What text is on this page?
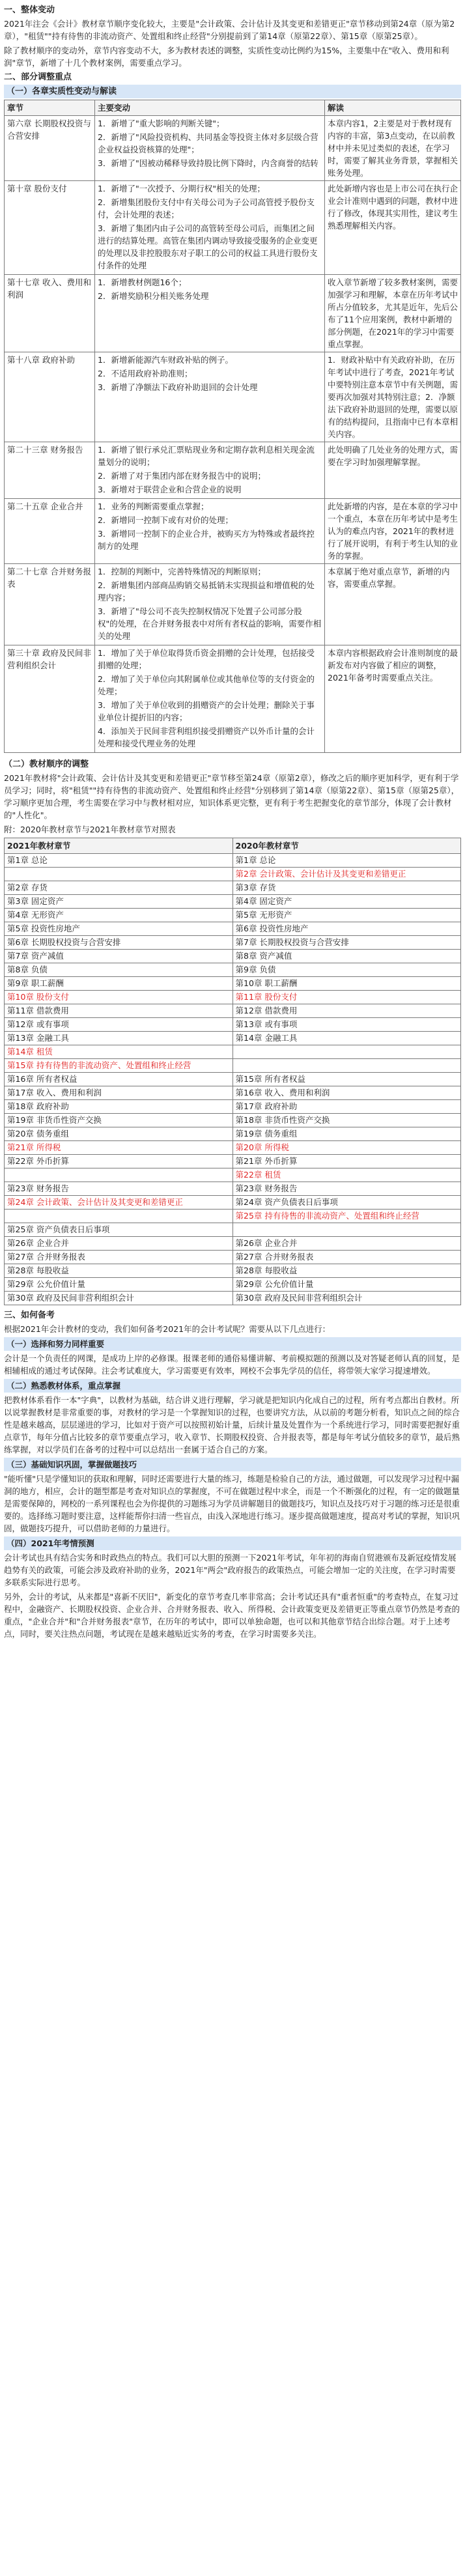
一、整体变动

2021年注会《会计》教材章节顺序变化较大，主要是"会计政策、会计估计及其变更和差错更正"章节移动到第24章（原为第2章），"租赁""持有待售的非流动资产、处置组和终止经营"分别提前到了第14章（原第22章）、第15章（原第25章）。

除了教材顺序的变动外，章节内容变动不大，多为教材表述的调整，实质性变动比例约为15%，主要集中在"收入、费用和利润"章节，新增了十几个教材案例，需要重点学习。

二、部分调整重点
（一）各章实质性变动与解读
章节	主要变动	解读
第六章 长期股权投资与合营安排	1．新增了"重大影响的判断关键"；
2．新增了"风险投资机构、共同基金等投资主体对多层级合营企业权益投资核算的处理"；
3．新增了"因被动稀释导致持股比例下降时，内含商誉的结转	本章内容1，2主要是对于教材现有内容的丰富，第3点变动，在以前教材中并未见过类似的表述，在学习时，需要了解其业务背景，掌握相关账务处理。
第十章 股份支付	1．新增了"一次授予、分期行权"相关的处理；
2．新增集团股份支付中有关母公司为子公司高管授予股份支付，会计处理的表述；
3．新增了集团内由子公司的高管转至母公司后，而集团之间进行的结算处理。高管在集团内调动导致接受服务的企业变更的处理以及非控股股东对子职工的公司的权益工具进行股份支付条件的处理	此处新增内容也是上市公司在执行企业会计准则中遇到的问题，教材中进行了修改，体现其实用性，建议考生熟悉理解相关内容。
第十七章 收入、费用和利润	1．新增教材例题16个；
2．新增奖励积分相关账务处理	收入章节新增了较多教材案例，需要加强学习和理解，本章在历年考试中所占分值较多，尤其是近年，先后公布了11个应用案例，教材中新增的部分例题，在2021年的学习中需要重点掌握。
第十八章 政府补助	1．新增新能源汽车财政补贴的例子。
2．不适用政府补助准则；
3．新增了净额法下政府补助退回的会计处理	1．财政补贴中有关政府补助，在历年考试中进行了考查，2021年考试中要特别注意本章节中有关例题，需要再次加强对其特别注意；2．净额法下政府补助退回的处理，需要以原有的结构提问，且指南中已有本章相关内容。
第二十三章 财务报告	1．新增了银行承兑汇票贴现业务和定期存款利息相关现金流量划分的说明；
2．新增了对于集团内部在财务报告中的说明；
3．新增对于联营企业和合营企业的说明	此处明确了几处业务的处理方式，需要在学习时加强理解掌握。
第二十五章 企业合并	1．业务的判断需要重点掌握；
2．新增同一控制下或有对价的处理；
3．新增同一控制下的企业合并，被购买方为特殊或者最终控制方的处理	此处新增的内容，是在本章的学习中一个重点，本章在历年考试中是考生认为的难点内容，2021年的教材进行了展开说明，有利于考生认知的业务的掌握。
第二十七章 合并财务报表	1．控制的判断中，完善特殊情况的判断原则；
2．新增集团内部商品购销交易抵销未实现损益和增值税的处理内容；
3．新增了"母公司不丧失控制权情况下处置子公司部分股权"的处理，在合并财务报表中对所有者权益的影响，需要作相关的处理	本章属于绝对重点章节，新增的内容，需要重点掌握。
第三十章 政府及民间非营利组织会计	1．增加了关于单位取得货币资金捐赠的会计处理，包括接受捐赠的处理；
2．增加了关于单位向其附属单位或其他单位等的支付资金的处理；
3．增加了关于单位收到的捐赠资产的会计处理；删除关于事业单位计提折旧的内容；
4．添加关于民间非营利组织接受捐赠资产以外币计量的会计处理和接受代理业务的处理	本章内容根据政府会计准则制度的最新发布对内容做了相应的调整，2021年备考时需要重点关注。
（二）教材顺序的调整

2021年教材将"会计政策、会计估计及其变更和差错更正"章节移至第24章（原第2章），修改之后的顺序更加科学，更有利于学员学习；同时，将"租赁""持有待售的非流动资产、处置组和终止经营"分别移到了第14章（原第22章）、第15章（原第25章），学习顺序更加合理，考生需要在学习中与教材相对应，知识体系更完整，更有利于考生把握变化的章节部分，体现了会计教材的"人性化"。

附：2020年教材章节与2021年教材章节对照表

2021年教材章节	2020年教材章节
第1章 总论	第1章 总论
	第2章 会计政策、会计估计及其变更和差错更正
第2章 存货	第3章 存货
第3章 固定资产	第4章 固定资产
第4章 无形资产	第5章 无形资产
第5章 投资性房地产	第6章 投资性房地产
第6章 长期股权投资与合营安排	第7章 长期股权投资与合营安排
第7章 资产减值	第8章 资产减值
第8章 负债	第9章 负债
第9章 职工薪酬	第10章 职工薪酬
第10章 股份支付	第11章 股份支付
第11章 借款费用	第12章 借款费用
第12章 或有事项	第13章 或有事项
第13章 金融工具	第14章 金融工具
第14章 租赁	
第15章 持有待售的非流动资产、处置组和终止经营	
第16章 所有者权益	第15章 所有者权益
第17章 收入、费用和利润	第16章 收入、费用和利润
第18章 政府补助	第17章 政府补助
第19章 非货币性资产交换	第18章 非货币性资产交换
第20章 债务重组	第19章 债务重组
第21章 所得税	第20章 所得税
第22章 外币折算	第21章 外币折算
	第22章 租赁
第23章 财务报告	第23章 财务报告
第24章 会计政策、会计估计及其变更和差错更正	第24章 资产负债表日后事项
	第25章 持有待售的非流动资产、处置组和终止经营
第25章 资产负债表日后事项	
第26章 企业合并	第26章 企业合并
第27章 合并财务报表	第27章 合并财务报表
第28章 每股收益	第28章 每股收益
第29章 公允价值计量	第29章 公允价值计量
第30章 政府及民间非营利组织会计	第30章 政府及民间非营利组织会计
三、如何备考

根据2021年会计教材的变动，我们如何备考2021年的会计考试呢？需要从以下几点进行：

（一）选择和努力同样重要

会计是一个负责任的网课，是成功上岸的必修课。报课老师的通俗易懂讲解、考前模拟题的预测以及对答疑老师认真的回复，是相辅相成的通过考试保障。注会考试难度大，学习需要更有效率，网校不会事先学员的信任，将带领大家学习提速增效。

（二）熟悉教材体系，重点掌握

把教材体系看作一本"字典"，以教材为基础，结合讲义进行理解，学习就是把知识内化成自己的过程，所有考点都出自教材。所以说掌握教材是非常重要的事，对教材的学习是一个掌握知识的过程，也要讲究方法，从以前的考题分析看，知识点之间的综合性是越来越高，层层递进的学习，比如对于资产可以按照初始计量，后续计量及处置作为一个系统进行学习，同时需要把握好重点章节，每年分值占比较多的章节要重点学习，收入章节、长期股权投资、合并报表等，都是每年考试分值较多的章节，最后熟练掌握，对以学员们在备考的过程中可以总结出一套属于适合自己的方案。

（三）基础知识巩固，掌握做题技巧

"能听懂"只是学懂知识的获取和理解，同时还需要进行大量的练习，练题是检验自己的方法，通过做题，可以发现学习过程中漏洞的地方，相应，会计的题型都是考查对知识点的掌握度，不可在做题过程中求全，而是一个不断强化的过程，有一定的做题量是需要保障的，网校的一系列课程也会为你提供的习题练习为学员讲解题目的做题技巧，知识点及技巧对于习题的练习还是很重要的。选择练习题时要注意，这样能帮你扫清一些盲点，由浅入深地进行练习。逐步提高做题速度，提高对考试的掌握，知识巩固，做题技巧提升，可以借助老师的力量进行。

（四）2021年考情预测

会计考试也具有结合实务和时政热点的特点。我们可以大胆的预测一下2021年考试，年年初的海南自贸港颁布及新冠疫情发展趋势有关的政策，可能会涉及政府补助的业务，2021年"两会"政府报告的政策热点，可能会增加一定的关注度，在学习时需要多联系实际进行思考。

另外，会计的考试，从来都是"喜新不厌旧"，新变化的章节考查几率非常高；会计考试还具有"重者恒重"的考查特点，在复习过程中，金融资产、长期股权投资、企业合并、合并财务报表、收入、所得税、会计政策变更及差错更正等重点章节仍然是考查的重点，"企业合并"和"合并财务报表"章节，在历年的考试中，即可以单独命题，也可以和其他章节结合出综合题。对于上述考点，同时，要关注热点问题，考试现在是越来越贴近实务的考查，在学习时需要多关注。
